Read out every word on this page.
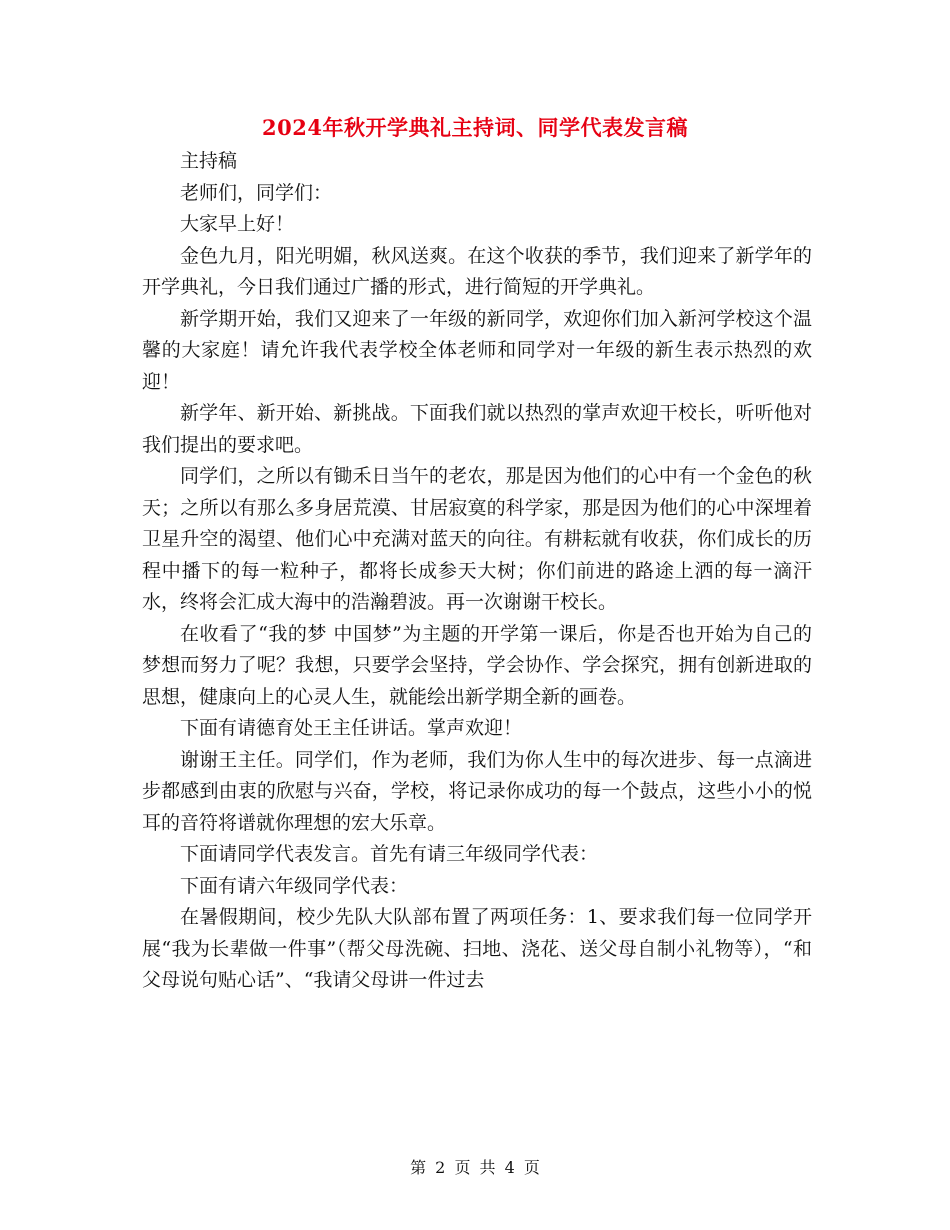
2024年秋开学典礼主持词、同学代表发言稿

主持稿

老师们，同学们：

大家早上好！

金色九月，阳光明媚，秋风送爽。在这个收获的季节，我们迎来了新学年的开学典礼，今日我们通过广播的形式，进行简短的开学典礼。

新学期开始，我们又迎来了一年级的新同学，欢迎你们加入新河学校这个温馨的大家庭！请允许我代表学校全体老师和同学对一年级的新生表示热烈的欢迎！

新学年、新开始、新挑战。下面我们就以热烈的掌声欢迎干校长，听听他对我们提出的要求吧。

同学们，之所以有锄禾日当午的老农，那是因为他们的心中有一个金色的秋天；之所以有那么多身居荒漠、甘居寂寞的科学家，那是因为他们的心中深埋着卫星升空的渴望、他们心中充满对蓝天的向往。有耕耘就有收获，你们成长的历程中播下的每一粒种子，都将长成参天大树；你们前进的路途上洒的每一滴汗水，终将会汇成大海中的浩瀚碧波。再一次谢谢干校长。

在收看了“我的梦 中国梦”为主题的开学第一课后，你是否也开始为自己的梦想而努力了呢？我想，只要学会坚持，学会协作、学会探究，拥有创新进取的思想，健康向上的心灵人生，就能绘出新学期全新的画卷。

下面有请德育处王主任讲话。掌声欢迎！

谢谢王主任。同学们，作为老师，我们为你人生中的每次进步、每一点滴进步都感到由衷的欣慰与兴奋，学校，将记录你成功的每一个鼓点，这些小小的悦耳的音符将谱就你理想的宏大乐章。

下面请同学代表发言。首先有请三年级同学代表：

下面有请六年级同学代表：

在暑假期间，校少先队大队部布置了两项任务：1、要求我们每一位同学开展“我为长辈做一件事”（帮父母洗碗、扫地、浇花、送父母自制小礼物等），“和父母说句贴心话”、“我请父母讲一件过去

第 2 页 共 4 页
